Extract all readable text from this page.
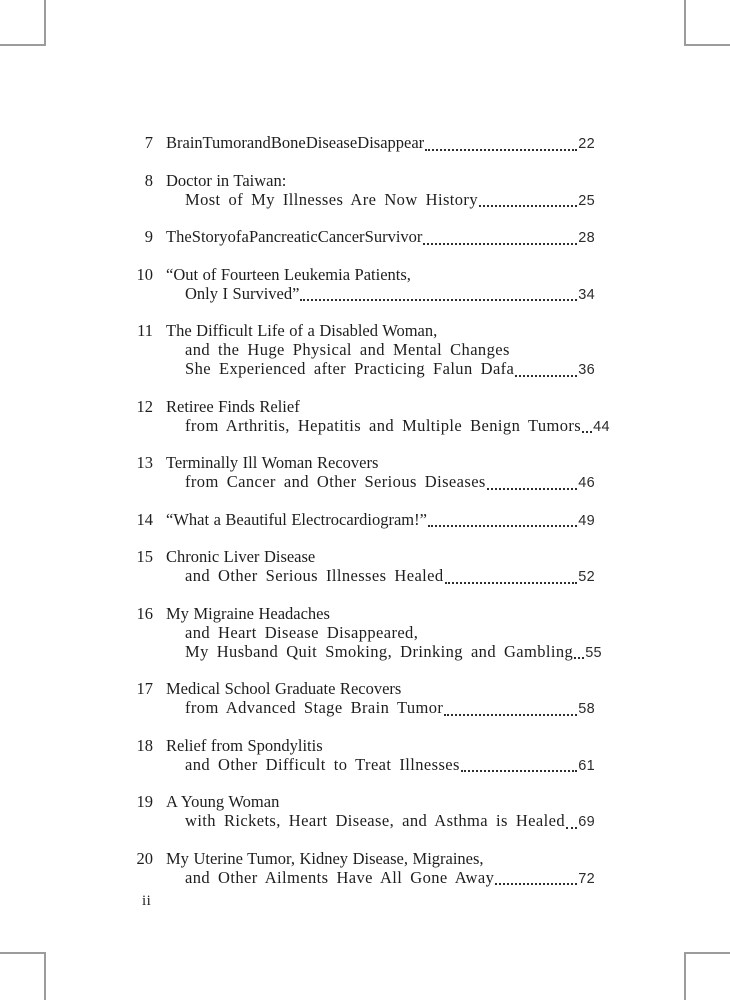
7 Brain Tumor and Bone Disease Disappear	22
8 Doctor in Taiwan:
Most of My Illnesses Are Now History	25
9 The Story of a Pancreatic Cancer Survivor	28
10 “Out of Fourteen Leukemia Patients,
Only I Survived”	34
11 The Difficult Life of a Disabled Woman,
and the Huge Physical and Mental Changes
She Experienced after Practicing Falun Dafa	36
12 Retiree Finds Relief
from Arthritis, Hepatitis and Multiple Benign Tumors 44
13 Terminally Ill Woman Recovers
from Cancer and Other Serious Diseases	46
14 “What a Beautiful Electrocardiogram!”	49
15 Chronic Liver Disease
and Other Serious Illnesses Healed	52
16 My Migraine Headaches
and Heart Disease Disappeared,
My Husband Quit Smoking, Drinking and Gambling 55
17 Medical School Graduate Recovers
from Advanced Stage Brain Tumor	58
18 Relief from Spondylitis
and Other Difficult to Treat Illnesses	61
19 A Young Woman
with Rickets, Heart Disease, and Asthma is Healed 69
20 My Uterine Tumor, Kidney Disease, Migraines,
and Other Ailments Have All Gone Away	72
ii
